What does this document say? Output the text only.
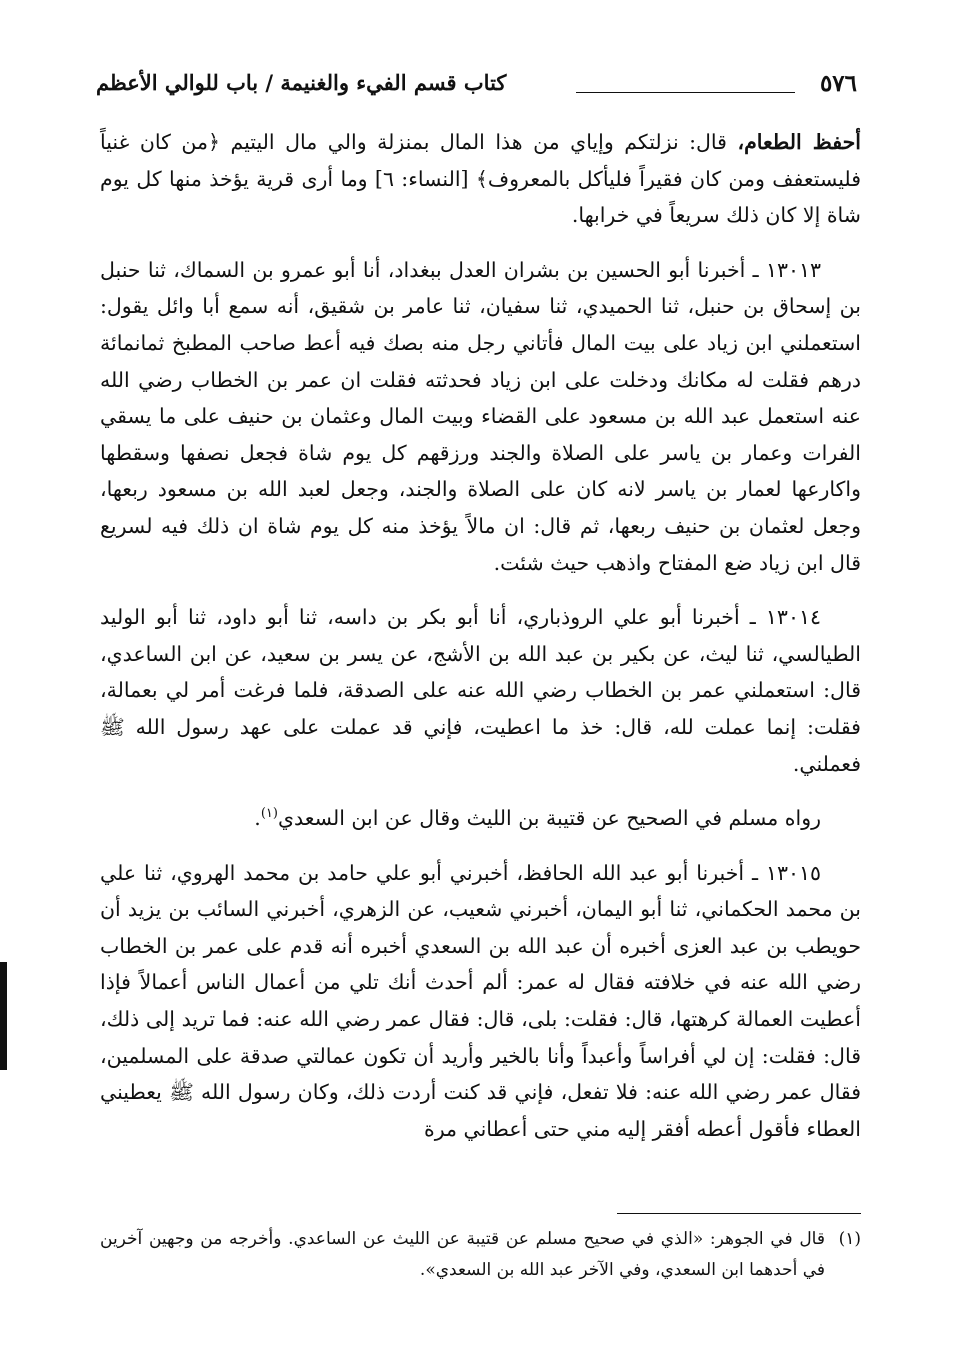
٥٧٦
كتاب قسم الفيء والغنيمة / باب للوالي الأعظم

أحفظ الطعام، قال: نزلتكم وإياي من هذا المال بمنزلة والي مال اليتيم ﴿من كان غنياً فليستعفف ومن كان فقيراً فليأكل بالمعروف﴾ [النساء: ٦] وما أرى قرية يؤخذ منها كل يوم شاة إلا كان ذلك سريعاً في خرابها.

١٣٠١٣ ـ أخبرنا أبو الحسين بن بشران العدل ببغداد، أنا أبو عمرو بن السماك، ثنا حنبل بن إسحاق بن حنبل، ثنا الحميدي، ثنا سفيان، ثنا عامر بن شقيق، أنه سمع أبا وائل يقول: استعملني ابن زياد على بيت المال فأتاني رجل منه بصك فيه أعط صاحب المطبخ ثمانمائة درهم فقلت له مكانك ودخلت على ابن زياد فحدثته فقلت ان عمر بن الخطاب رضي الله عنه استعمل عبد الله بن مسعود على القضاء وبيت المال وعثمان بن حنيف على ما يسقي الفرات وعمار بن ياسر على الصلاة والجند ورزقهم كل يوم شاة فجعل نصفها وسقطها واكارعها لعمار بن ياسر لانه كان على الصلاة والجند، وجعل لعبد الله بن مسعود ربعها، وجعل لعثمان بن حنيف ربعها، ثم قال: ان مالاً يؤخذ منه كل يوم شاة ان ذلك فيه لسريع قال ابن زياد ضع المفتاح واذهب حيث شئت.

١٣٠١٤ ـ أخبرنا أبو علي الروذباري، أنا أبو بكر بن داسه، ثنا أبو داود، ثنا أبو الوليد الطيالسي، ثنا ليث، عن بكير بن عبد الله بن الأشج، عن يسر بن سعيد، عن ابن الساعدي، قال: استعملني عمر بن الخطاب رضي الله عنه على الصدقة، فلما فرغت أمر لي بعمالة، فقلت: إنما عملت لله، قال: خذ ما اعطيت، فإني قد عملت على عهد رسول الله ﷺ فعملني.

رواه مسلم في الصحيح عن قتيبة بن الليث وقال عن ابن السعدي$^{(١)}$.

١٣٠١٥ ـ أخبرنا أبو عبد الله الحافظ، أخبرني أبو علي حامد بن محمد الهروي، ثنا علي بن محمد الحكماني، ثنا أبو اليمان، أخبرني شعيب، عن الزهري، أخبرني السائب بن يزيد أن حويطب بن عبد العزى أخبره أن عبد الله بن السعدي أخبره أنه قدم على عمر بن الخطاب رضي الله عنه في خلافته فقال له عمر: ألم أحدث أنك تلي من أعمال الناس أعمالاً فإذا أعطيت العمالة كرهتها، قال: فقلت: بلى، قال: فقال عمر رضي الله عنه: فما تريد إلى ذلك، قال: فقلت: إن لي أفراساً وأعبداً وأنا بالخير وأريد أن تكون عمالتي صدقة على المسلمين، فقال عمر رضي الله عنه: فلا تفعل، فإني قد كنت أردت ذلك، وكان رسول الله ﷺ يعطيني العطاء فأقول أعطه أفقر إليه مني حتى أعطاني مرة

(١)
قال في الجوهر: «الذي في صحيح مسلم عن قتيبة عن الليث عن الساعدي. وأخرجه من وجهين آخرين في أحدهما ابن السعدي، وفي الآخر عبد الله بن السعدي».
